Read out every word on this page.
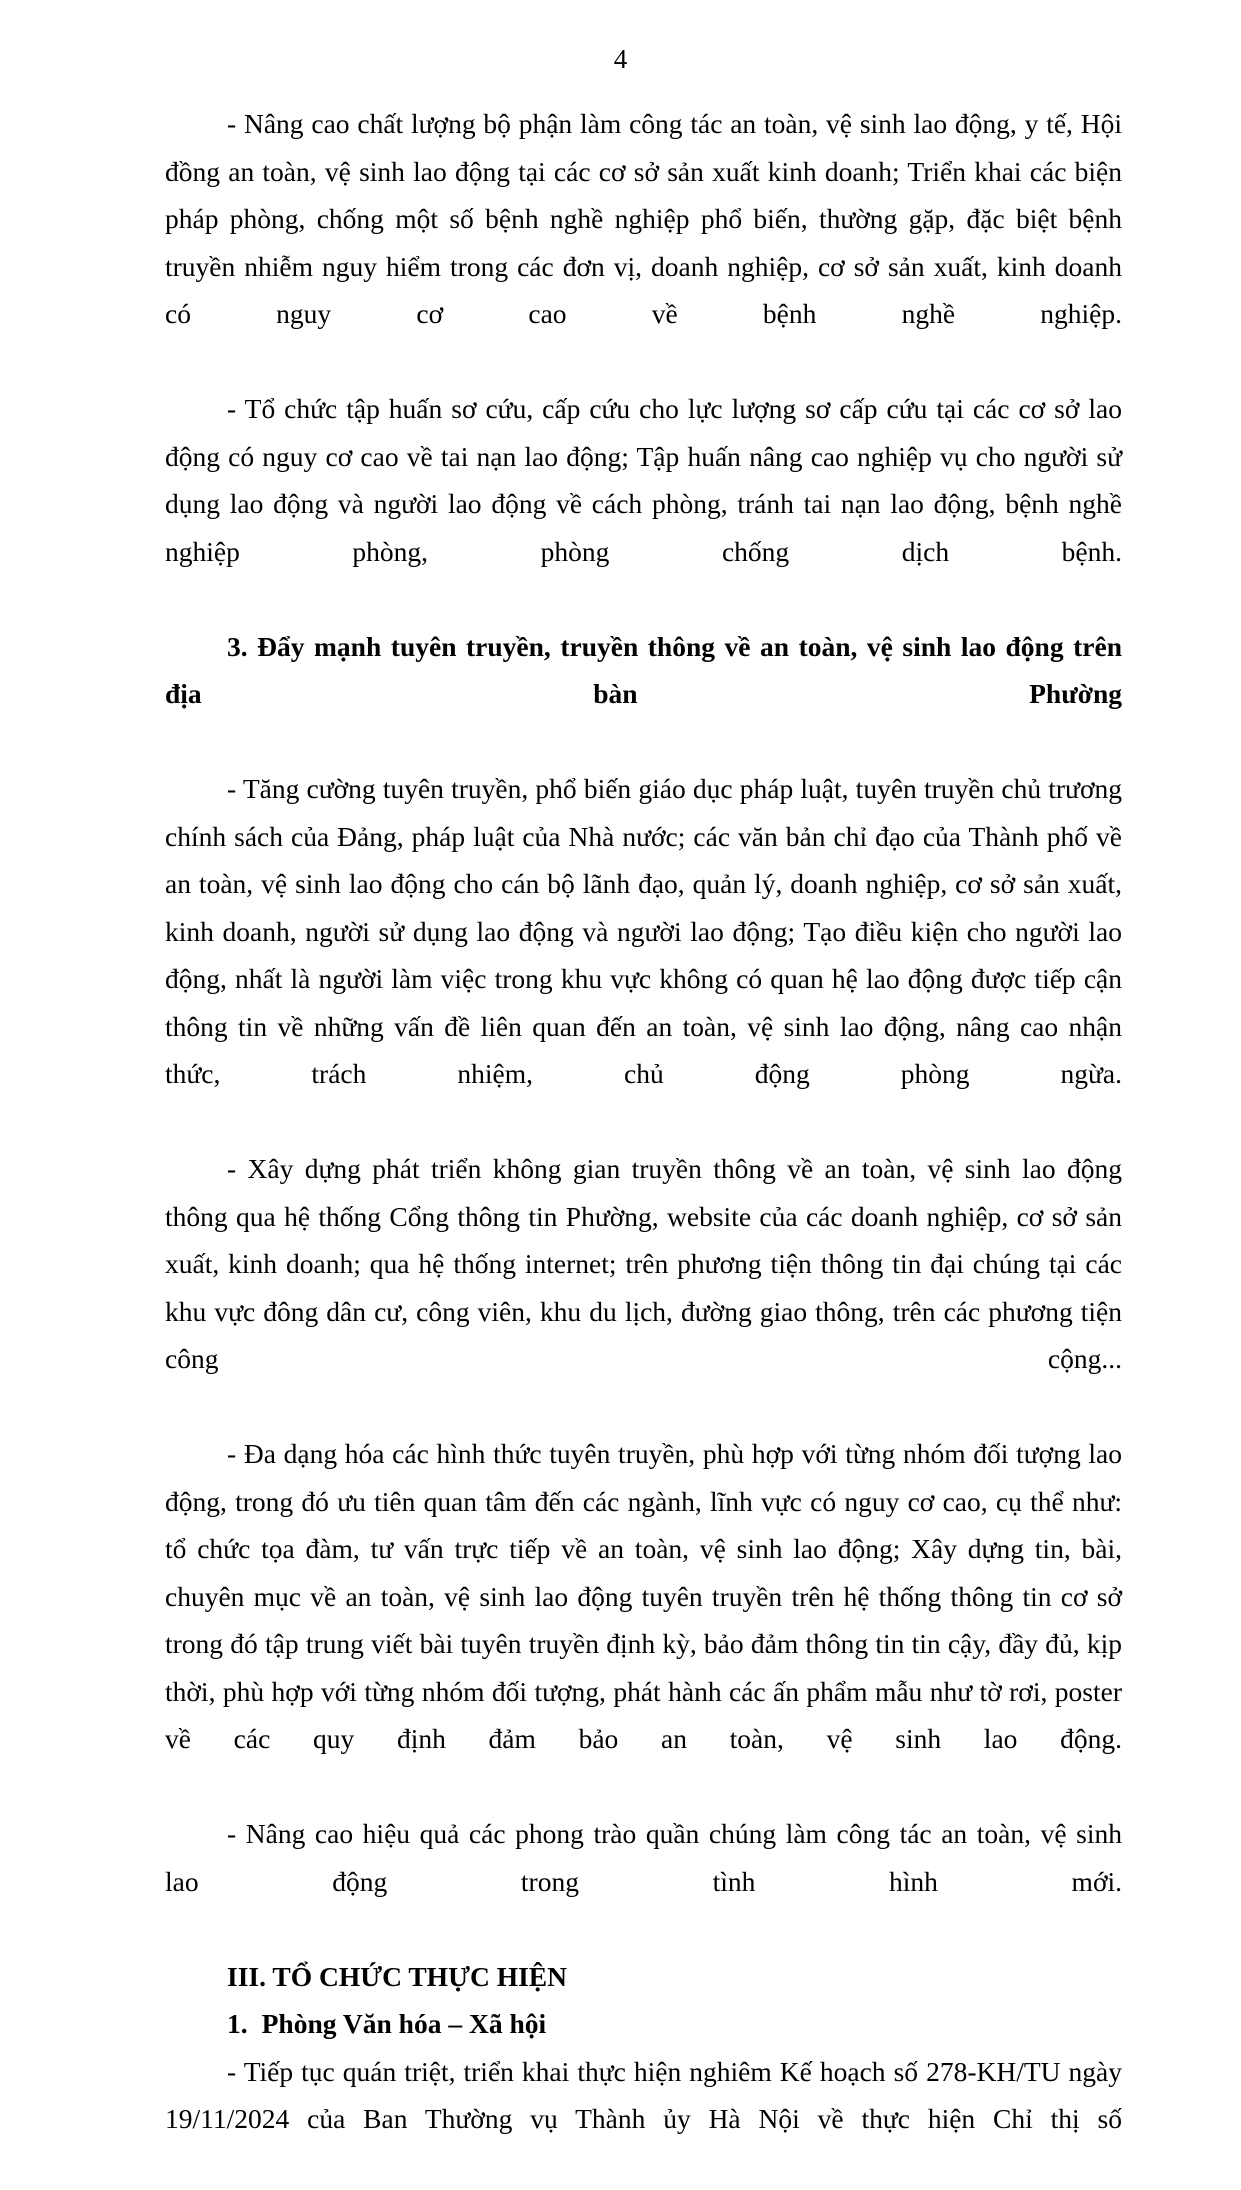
4

- Nâng cao chất lượng bộ phận làm công tác an toàn, vệ sinh lao động, y tế, Hội đồng an toàn, vệ sinh lao động tại các cơ sở sản xuất kinh doanh; Triển khai các biện pháp phòng, chống một số bệnh nghề nghiệp phổ biến, thường gặp, đặc biệt bệnh truyền nhiễm nguy hiểm trong các đơn vị, doanh nghiệp, cơ sở sản xuất, kinh doanh có nguy cơ cao về bệnh nghề nghiệp.

- Tổ chức tập huấn sơ cứu, cấp cứu cho lực lượng sơ cấp cứu tại các cơ sở lao động có nguy cơ cao về tai nạn lao động; Tập huấn nâng cao nghiệp vụ cho người sử dụng lao động và người lao động về cách phòng, tránh tai nạn lao động, bệnh nghề nghiệp phòng, phòng chống dịch bệnh.

3. Đẩy mạnh tuyên truyền, truyền thông về an toàn, vệ sinh lao động trên địa bàn Phường

- Tăng cường tuyên truyền, phổ biến giáo dục pháp luật, tuyên truyền chủ trương chính sách của Đảng, pháp luật của Nhà nước; các văn bản chỉ đạo của Thành phố về an toàn, vệ sinh lao động cho cán bộ lãnh đạo, quản lý, doanh nghiệp, cơ sở sản xuất, kinh doanh, người sử dụng lao động và người lao động; Tạo điều kiện cho người lao động, nhất là người làm việc trong khu vực không có quan hệ lao động được tiếp cận thông tin về những vấn đề liên quan đến an toàn, vệ sinh lao động, nâng cao nhận thức, trách nhiệm, chủ động phòng ngừa.

- Xây dựng phát triển không gian truyền thông về an toàn, vệ sinh lao động thông qua hệ thống Cổng thông tin Phường, website của các doanh nghiệp, cơ sở sản xuất, kinh doanh; qua hệ thống internet; trên phương tiện thông tin đại chúng tại các khu vực đông dân cư, công viên, khu du lịch, đường giao thông, trên các phương tiện công cộng...

- Đa dạng hóa các hình thức tuyên truyền, phù hợp với từng nhóm đối tượng lao động, trong đó ưu tiên quan tâm đến các ngành, lĩnh vực có nguy cơ cao, cụ thể như: tổ chức tọa đàm, tư vấn trực tiếp về an toàn, vệ sinh lao động; Xây dựng tin, bài, chuyên mục về an toàn, vệ sinh lao động tuyên truyền trên hệ thống thông tin cơ sở trong đó tập trung viết bài tuyên truyền định kỳ, bảo đảm thông tin tin cậy, đầy đủ, kịp thời, phù hợp với từng nhóm đối tượng, phát hành các ấn phẩm mẫu như tờ rơi, poster về các quy định đảm bảo an toàn, vệ sinh lao động.

- Nâng cao hiệu quả các phong trào quần chúng làm công tác an toàn, vệ sinh lao động trong tình hình mới.

III. TỔ CHỨC THỰC HIỆN

1. Phòng Văn hóa – Xã hội

- Tiếp tục quán triệt, triển khai thực hiện nghiêm Kế hoạch số 278-KH/TU ngày 19/11/2024 của Ban Thường vụ Thành ủy Hà Nội về thực hiện Chỉ thị số
